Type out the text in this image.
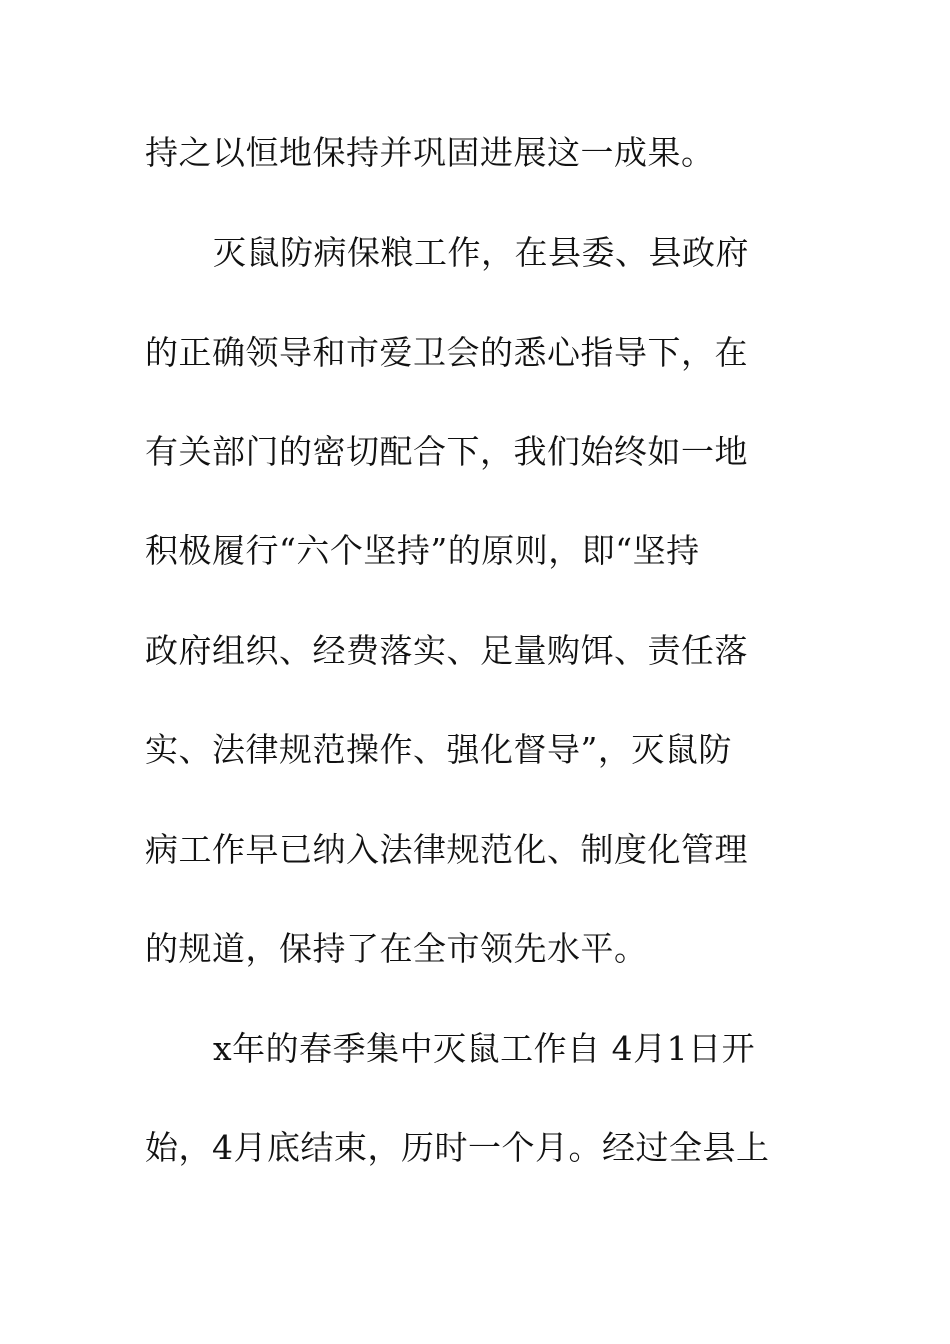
持之以恒地保持并巩固进展这一成果。
灭鼠防病保粮工作，在县委、县政府
的正确领导和市爱卫会的悉心指导下，在
有关部门的密切配合下，我们始终如一地
积极履行“六个坚持”的原则，即“坚持
政府组织、经费落实、足量购饵、责任落
实、法律规范操作、强化督导”，灭鼠防
病工作早已纳入法律规范化、制度化管理
的规道，保持了在全市领先水平。
x年的春季集中灭鼠工作自 4月1日开
始，4月底结束，历时一个月。经过全县上
